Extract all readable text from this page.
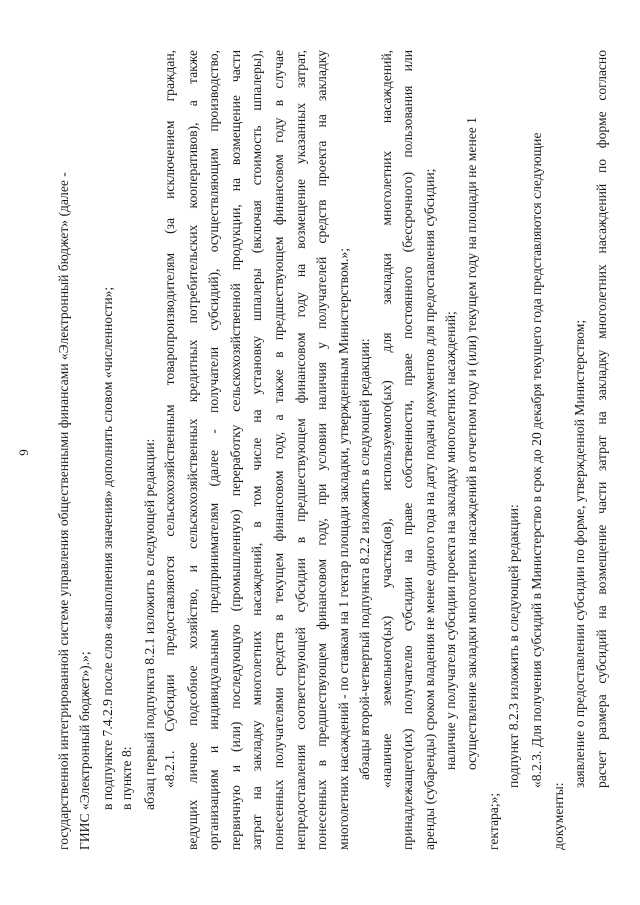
9 государственной интегрированной системе управления общественными финансами «Электронный бюджет» (далее - ГИИС «Электронный бюджет»).»; в подпункте 7.4.2.9 после слов «выполнения значения» дополнить словом «численности»; в пункте 8: абзац первый подпункта 8.2.1 изложить в следующей редакции: «8.2.1. Субсидии предоставляются сельскохозяйственным товаропроизводителям (за исключением граждан, ведущих личное подсобное хозяйство, и сельскохозяйственных кредитных потребительских кооперативов), а также организациям и индивидуальным предпринимателям (далее - получатели субсидий), осуществляющим производство, первичную и (или) последующую (промышленную) переработку сельскохозяйственной продукции, на возмещение части затрат на закладку многолетних насаждений, в том числе на установку шпалеры (включая стоимость шпалеры), понесенных получателями средств в текущем финансовом году, а также в предшествующем финансовом году в случае непредоставления соответствующей субсидии в предшествующем финансовом году на возмещение указанных затрат, понесенных в предшествующем финансовом году, при условии наличия у получателей средств проекта на закладку многолетних насаждений - по ставкам на 1 гектар площади закладки, утвержденным Министерством.»; абзацы второй-четвертый подпункта 8.2.2 изложить в следующей редакции: «наличие земельного(ых) участка(ов), используемого(ых) для закладки многолетних насаждений, принадлежащего(их) получателю субсидии на праве собственности, праве постоянного (бессрочного) пользования или аренды (субаренды) сроком владения не менее одного года на дату подачи документов для предоставления субсидии; наличие у получателя субсидии проекта на закладку многолетних насаждений; осуществление закладки многолетних насаждений в отчетном году и (или) текущем году на площади не менее 1
гектара;»;
подпункт 8.2.3 изложить в следующей редакции: «8.2.3. Для получения субсидий в Министерство в срок до 20 декабря текущего года представляются следующие
документы:
заявление о предоставлении субсидии по форме, утвержденной Министерством; расчет размера субсидий на возмещение части затрат на закладку многолетних насаждений по форме согласно
